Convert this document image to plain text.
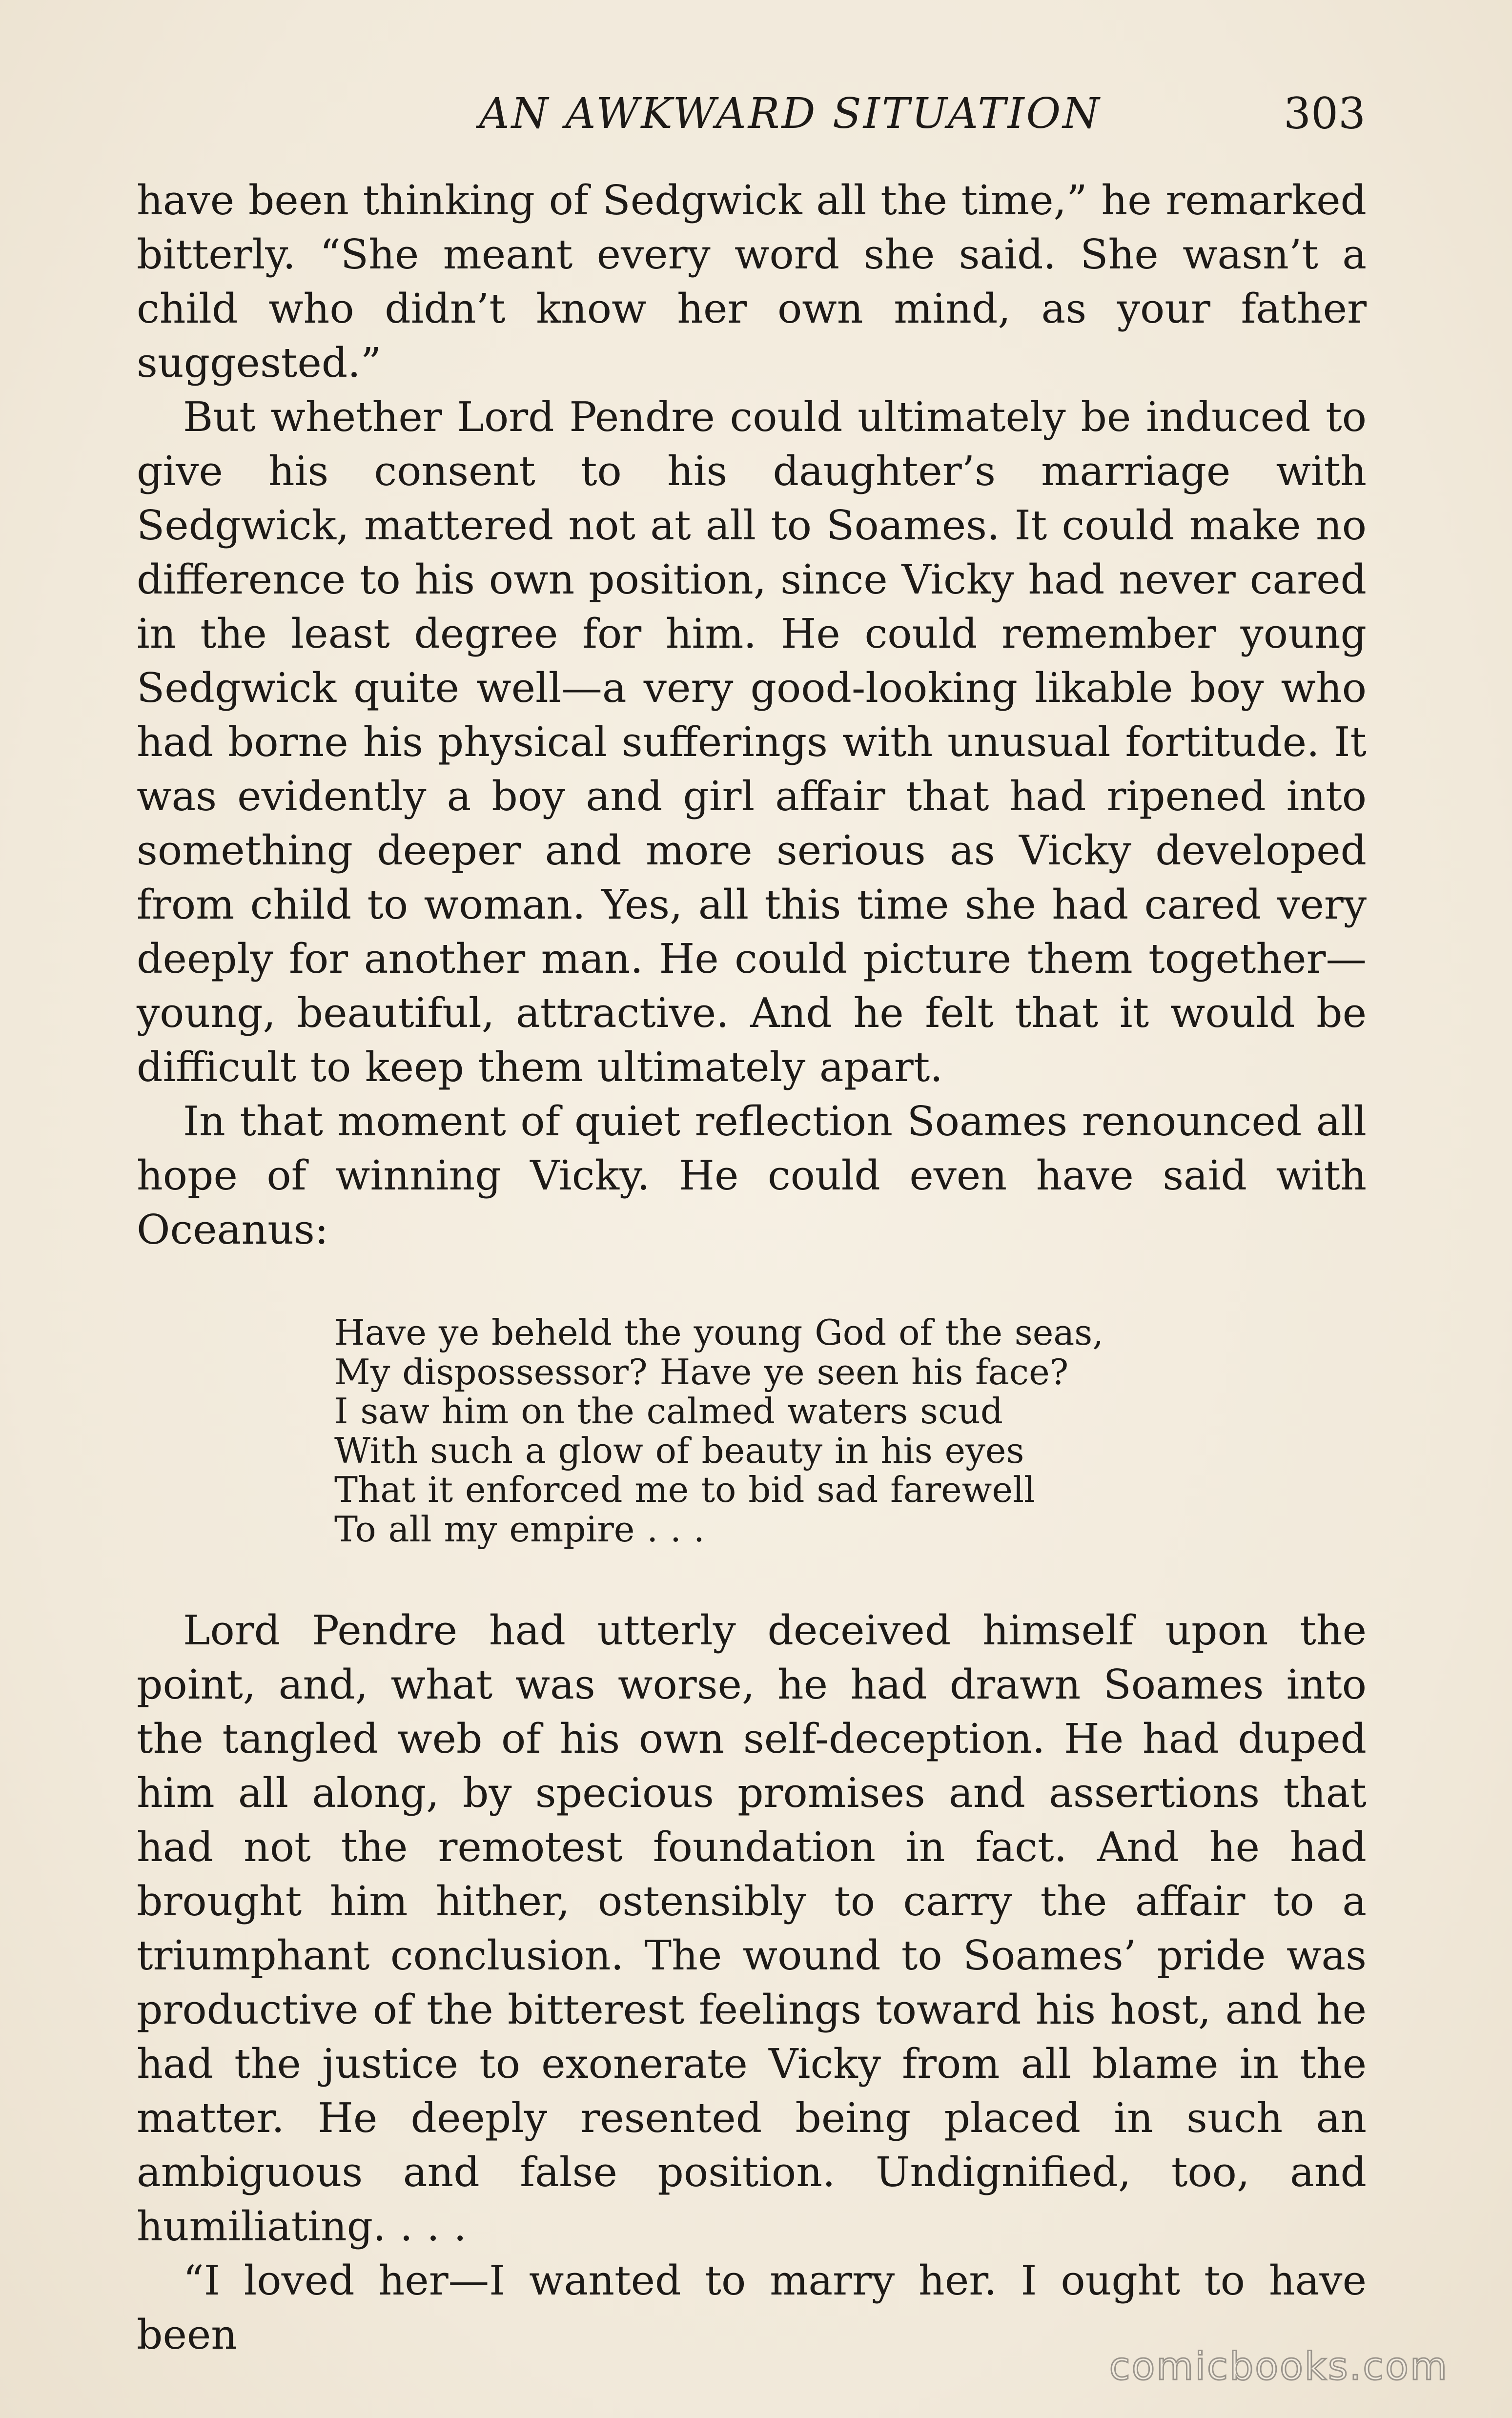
AN AWKWARD SITUATION	303

have been thinking of Sedgwick all the time,” he remarked bitterly. “She meant every word she said. She wasn’t a child who didn’t know her own mind, as your father suggested.”

But whether Lord Pendre could ultimately be induced to give his consent to his daughter’s marriage with Sedgwick, mattered not at all to Soames. It could make no difference to his own position, since Vicky had never cared in the least degree for him. He could remember young Sedgwick quite well—a very good-looking likable boy who had borne his physical sufferings with unusual fortitude. It was evidently a boy and girl affair that had ripened into something deeper and more serious as Vicky developed from child to woman. Yes, all this time she had cared very deeply for another man. He could picture them together—young, beautiful, attractive. And he felt that it would be difficult to keep them ultimately apart.

In that moment of quiet reflection Soames renounced all hope of winning Vicky. He could even have said with Oceanus:

Have ye beheld the young God of the seas,
My dispossessor? Have ye seen his face?
I saw him on the calmed waters scud
With such a glow of beauty in his eyes
That it enforced me to bid sad farewell
To all my empire . . .

Lord Pendre had utterly deceived himself upon the point, and, what was worse, he had drawn Soames into the tangled web of his own self-deception. He had duped him all along, by specious promises and assertions that had not the remotest foundation in fact. And he had brought him hither, ostensibly to carry the affair to a triumphant conclusion. The wound to Soames’ pride was productive of the bitterest feelings toward his host, and he had the justice to exonerate Vicky from all blame in the matter. He deeply resented being placed in such an ambiguous and false position. Undignified, too, and humiliating. . . .

“I loved her—I wanted to marry her. I ought to have been

comicbooks.com
